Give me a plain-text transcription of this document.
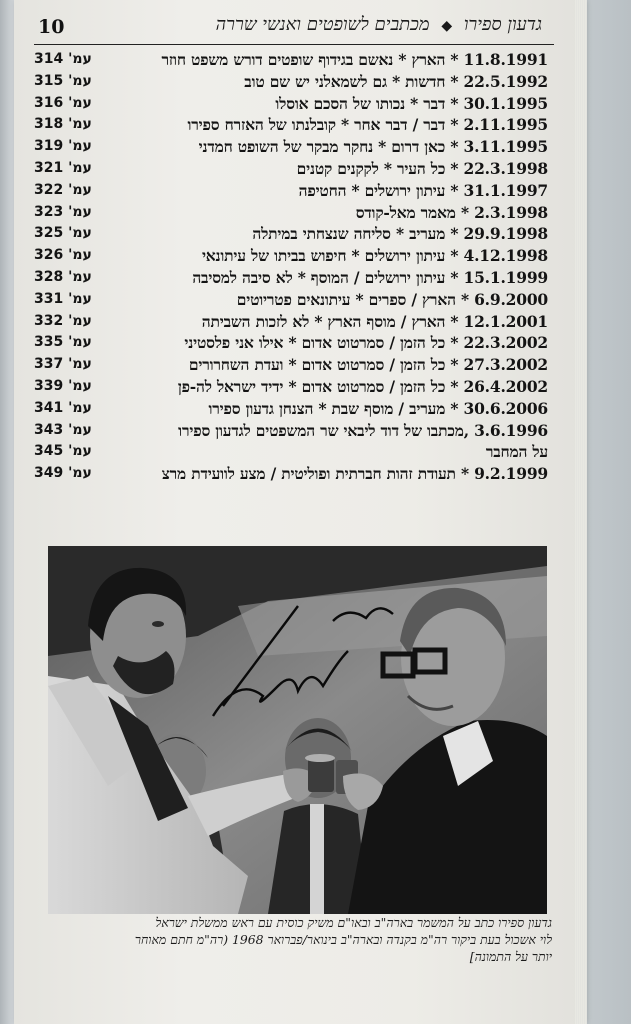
10	גדעון ספירו ◆ מכתבים לשופטים ואנשי שררה
עמ' 314	11.8.1991 * הארץ * נאשם בגידוף שופטים דורש משפט חוזר
עמ' 315	22.5.1992 * חדשות * גם לשמאלני יש שם טוב
עמ' 316	30.1.1995 * דבר * נכותו של הסכם אוסלו
עמ' 318	2.11.1995 * דבר / דבר אחר * קובלנתו של האזרח ספירו
עמ' 319	3.11.1995 * כאן דרום * נחקר מבקר של השופט חמדני
עמ' 321	22.3.1998 * כל העיר * לקקנים קטנים
עמ' 322	31.1.1997 * עיתון ירושלים * החטיפה
עמ' 323	2.3.1998 * מאמר מאל-קודס
עמ' 325	29.9.1998 * מעריב * סליחה שנצחתי במיתלה
עמ' 326	4.12.1998 * עיתון ירושלים * חיפוש בביתו של עיתונאי
עמ' 328	15.1.1999 * עיתון ירושלים / המוסף * לא סיבה למסיבה
עמ' 331	6.9.2000 * הארץ / ספרים * עיתונאים פטריוטים
עמ' 332	12.1.2001 * הארץ / מוסף הארץ * לא לזכות השביתה
עמ' 335	22.3.2002 * כל הזמן / סמרטוט אדום * אילו אני פלסטיני
עמ' 337	27.3.2002 * כל הזמן / סמרטוט אדום * ועדת השחרורים
עמ' 339	26.4.2002 * כל הזמן / סמרטוט אדום * ידיד ישראל לה-פן
עמ' 341	30.6.2006 * מעריב / מוסף שבת * הצנחן גדעון ספירו
עמ' 343	3.6.1996 ,מכתבו של דוד ליבאי שר המשפטים לגדעון ספירו
עמ' 345	על המחבר
עמ' 349	9.2.1999 * תעודת זהות חברתית ופוליטית / מצע לוועידת מרצ
גדעון ספירו כתב על המשמר בארה"ב ובאו"ם משיק כוסית עם ראש ממשלת ישראל
לוי אשכול בעת ביקור רה"מ בקנדה ובארה"ב בינואר/פברואר 1968 (רה"מ חתם מאוחר
יותר על התמונה]
